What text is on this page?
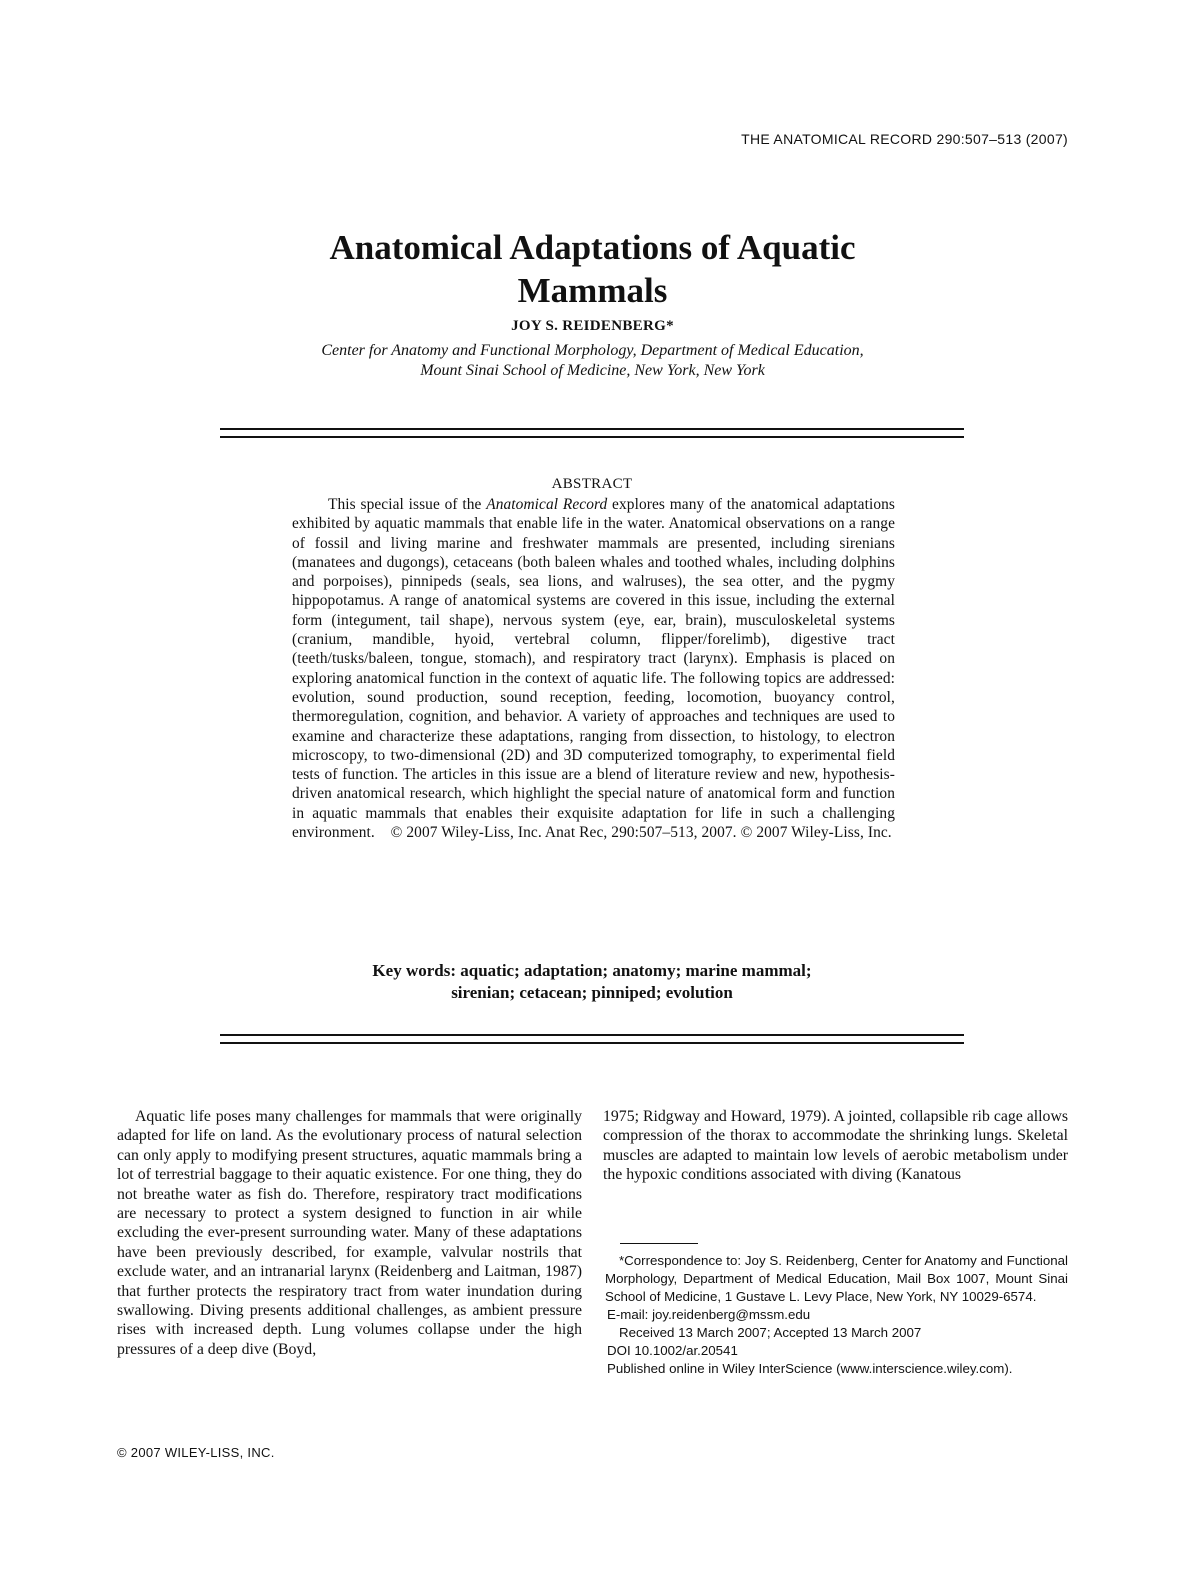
THE ANATOMICAL RECORD 290:507–513 (2007)
Anatomical Adaptations of Aquatic
Mammals
JOY S. REIDENBERG*
Center for Anatomy and Functional Morphology, Department of Medical Education,
Mount Sinai School of Medicine, New York, New York
ABSTRACT

This special issue of the Anatomical Record explores many of the anatomical adaptations exhibited by aquatic mammals that enable life in the water. Anatomical observations on a range of fossil and living marine and freshwater mammals are presented, including sirenians (manatees and dugongs), cetaceans (both baleen whales and toothed whales, including dolphins and porpoises), pinnipeds (seals, sea lions, and walruses), the sea otter, and the pygmy hippopotamus. A range of anatomical systems are covered in this issue, including the external form (integument, tail shape), nervous system (eye, ear, brain), musculoskeletal systems (cranium, mandible, hyoid, vertebral column, flipper/forelimb), digestive tract (teeth/tusks/baleen, tongue, stomach), and respiratory tract (larynx). Emphasis is placed on exploring anatomical function in the context of aquatic life. The following topics are addressed: evolution, sound production, sound reception, feeding, locomotion, buoyancy control, thermoregulation, cognition, and behavior. A variety of approaches and techniques are used to examine and characterize these adaptations, ranging from dissection, to histology, to electron microscopy, to two-dimensional (2D) and 3D computerized tomography, to experimental field tests of function. The articles in this issue are a blend of literature review and new, hypothesis-driven anatomical research, which highlight the special nature of anatomical form and function in aquatic mammals that enables their exquisite adaptation for life in such a challenging environment. © 2007 Wiley-Liss, Inc. Anat Rec, 290:507–513, 2007. © 2007 Wiley-Liss, Inc.

Key words: aquatic; adaptation; anatomy; marine mammal;
sirenian; cetacean; pinniped; evolution

Aquatic life poses many challenges for mammals that were originally adapted for life on land. As the evolutionary process of natural selection can only apply to modifying present structures, aquatic mammals bring a lot of terrestrial baggage to their aquatic existence. For one thing, they do not breathe water as fish do. Therefore, respiratory tract modifications are necessary to protect a system designed to function in air while excluding the ever-present surrounding water. Many of these adaptations have been previously described, for example, valvular nostrils that exclude water, and an intranarial larynx (Reidenberg and Laitman, 1987) that further protects the respiratory tract from water inundation during swallowing. Diving presents additional challenges, as ambient pressure rises with increased depth. Lung volumes collapse under the high pressures of a deep dive (Boyd,

1975; Ridgway and Howard, 1979). A jointed, collapsible rib cage allows compression of the thorax to accommodate the shrinking lungs. Skeletal muscles are adapted to maintain low levels of aerobic metabolism under the hypoxic conditions associated with diving (Kanatous

*Correspondence to: Joy S. Reidenberg, Center for Anatomy and Functional Morphology, Department of Medical Education, Mail Box 1007, Mount Sinai School of Medicine, 1 Gustave L. Levy Place, New York, NY 10029-6574.

E-mail: joy.reidenberg@mssm.edu

Received 13 March 2007; Accepted 13 March 2007

DOI 10.1002/ar.20541

Published online in Wiley InterScience (www.interscience.wiley.com).

© 2007 WILEY-LISS, INC.
